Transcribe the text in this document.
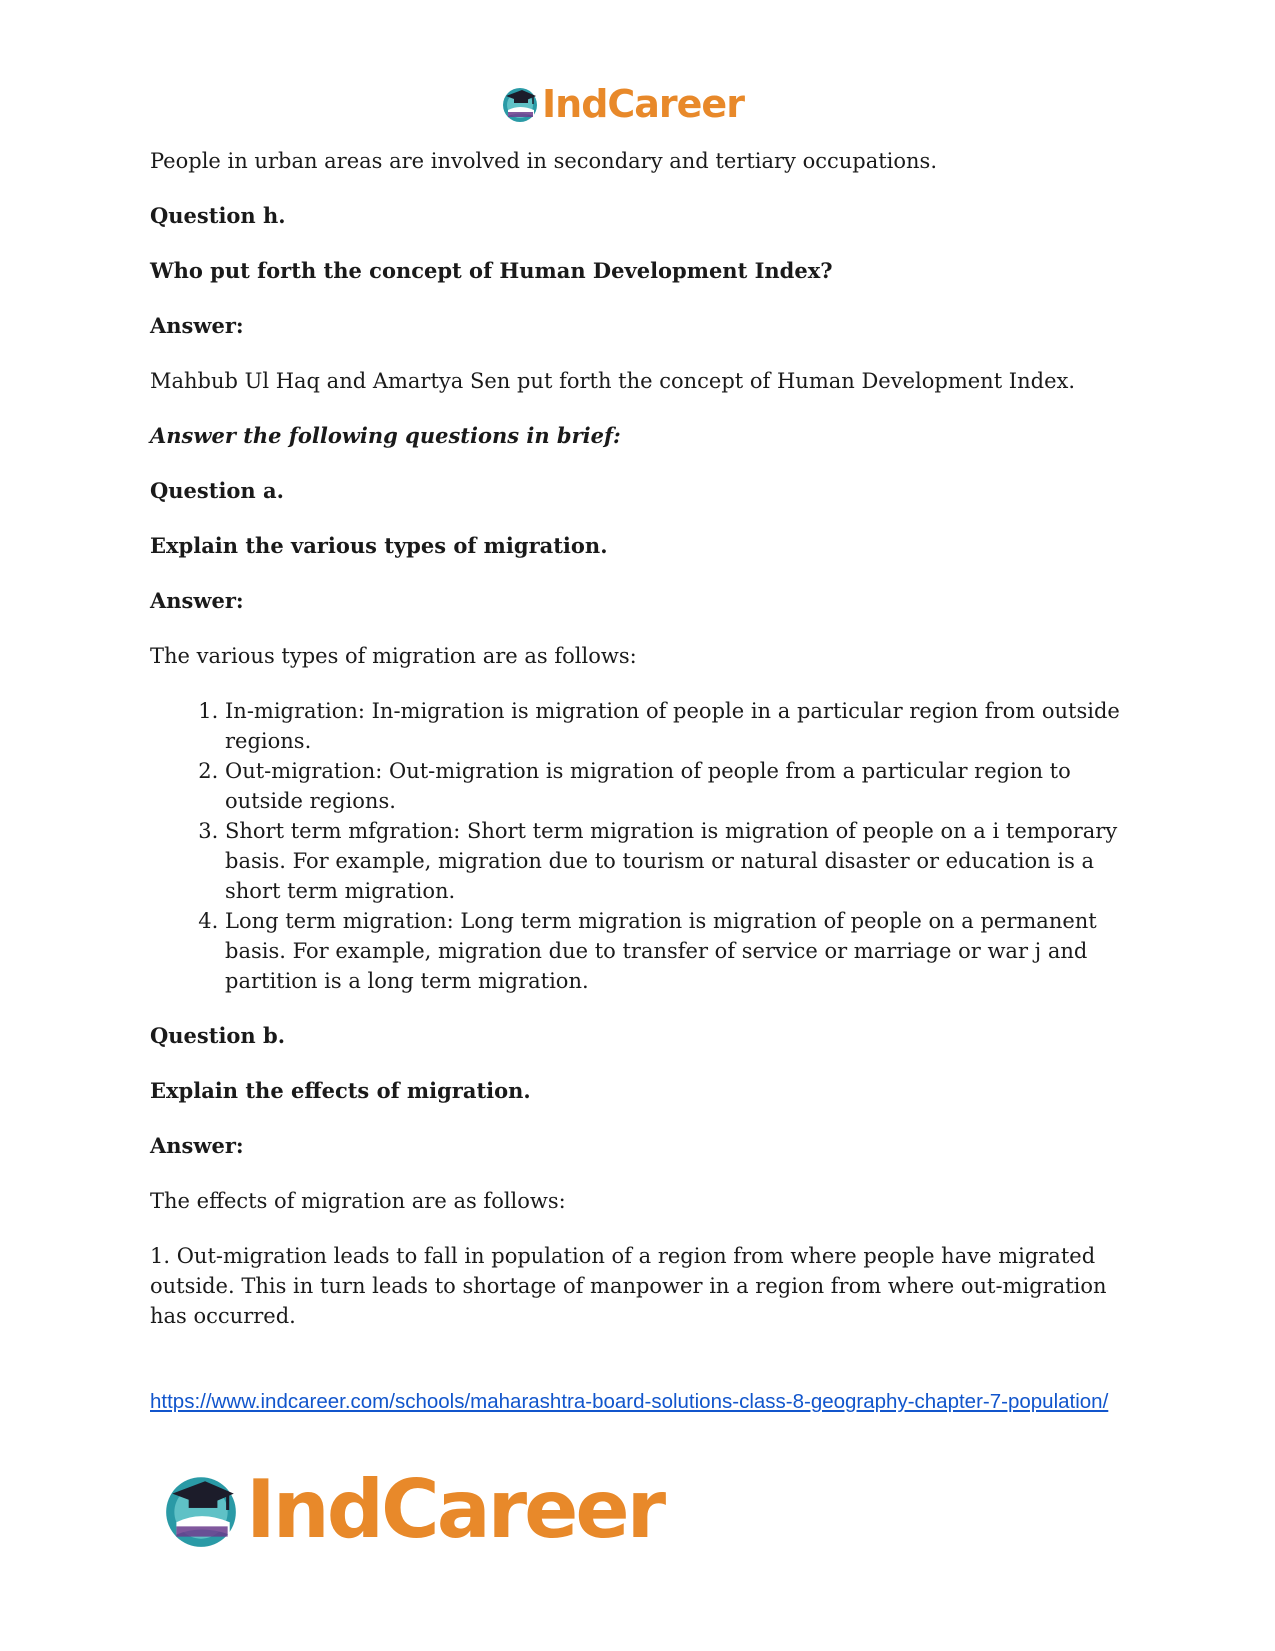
IndCareer

People in urban areas are involved in secondary and tertiary occupations.

Question h.

Who put forth the concept of Human Development Index?

Answer:

Mahbub Ul Haq and Amartya Sen put forth the concept of Human Development Index.

Answer the following questions in brief:

Question a.

Explain the various types of migration.

Answer:

The various types of migration are as follows:

1. In-migration: In-migration is migration of people in a particular region from outside regions.
2. Out-migration: Out-migration is migration of people from a particular region to outside regions.
3. Short term mfgration: Short term migration is migration of people on a i temporary basis. For example, migration due to tourism or natural disaster or education is a short term migration.
4. Long term migration: Long term migration is migration of people on a permanent basis. For example, migration due to transfer of service or marriage or war j and partition is a long term migration.

Question b.

Explain the effects of migration.

Answer:

The effects of migration are as follows:

1. Out-migration leads to fall in population of a region from where people have migrated outside. This in turn leads to shortage of manpower in a region from where out-migration has occurred.

https://www.indcareer.com/schools/maharashtra-board-solutions-class-8-geography-chapter-7-population/
IndCareer
